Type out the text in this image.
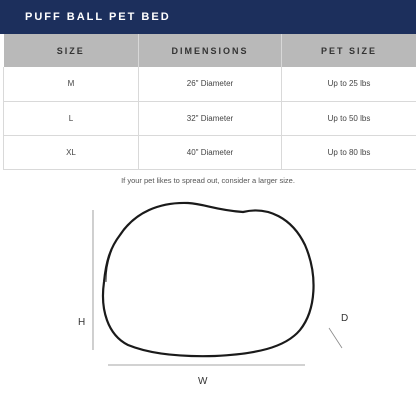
PUFF BALL PET BED
SIZE	DIMENSIONS	PET SIZE
M	26" Diameter	Up to 25 lbs
L	32" Diameter	Up to 50 lbs
XL	40" Diameter	Up to 80 lbs
If your pet likes to spread out, consider a larger size.
H
W
D
